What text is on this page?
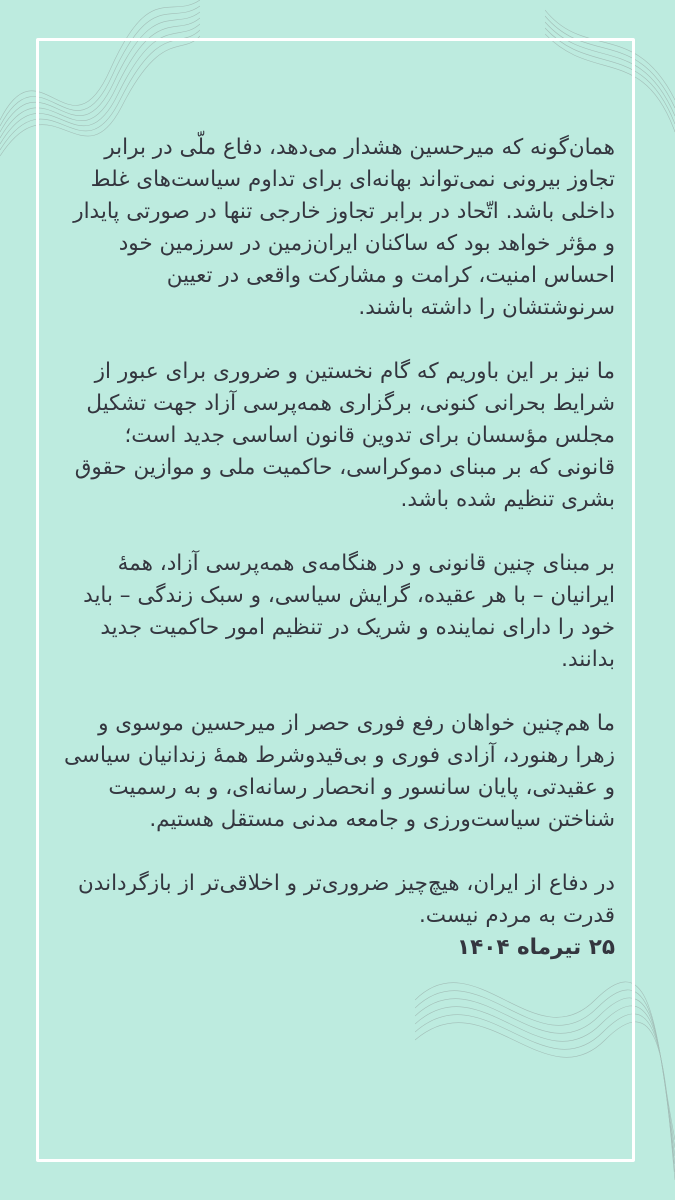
همان‌گونه که میرحسین هشدار می‌دهد، دفاع ملّی در برابر تجاوز بیرونی نمی‌تواند بهانه‌ای برای تداوم سیاست‌های غلط داخلی باشد. اتّحاد در برابر تجاوز خارجی تنها در صورتی پایدار و مؤثر خواهد بود که ساکنان ایران‌زمین در سرزمین خود احساس امنیت، کرامت و مشارکت واقعی در تعیین سرنوشتشان را داشته باشند.

ما نیز بر این باوریم که گام نخستین و ضروری برای عبور از شرایط بحرانی کنونی، برگزاری همه‌پرسی آزاد جهت تشکیل مجلس مؤسسان برای تدوین قانون اساسی جدید است؛ قانونی که بر مبنای دموکراسی، حاکمیت ملی و موازین حقوق بشری تنظیم شده باشد.

بر مبنای چنین قانونی و در هنگامه‌ی همه‌پرسی آزاد، همهٔ ایرانیان – با هر عقیده، گرایش سیاسی، و سبک زندگی – باید خود را دارای نماینده و شریک در تنظیم امور حاکمیت جدید بدانند.

ما هم‌چنین خواهان رفع فوری حصر از میرحسین موسوی و زهرا رهنورد، آزادی فوری و بی‌قیدوشرط همهٔ زندانیان سیاسی و عقیدتی، پایان سانسور و انحصار رسانه‌ای، و به رسمیت شناختن سیاست‌ورزی و جامعه مدنی مستقل هستیم.

در دفاع از ایران، هیچ‌چیز ضروری‌تر و اخلاقی‌تر از بازگرداندن قدرت به مردم نیست.

۲۵ تیرماه ۱۴۰۴
